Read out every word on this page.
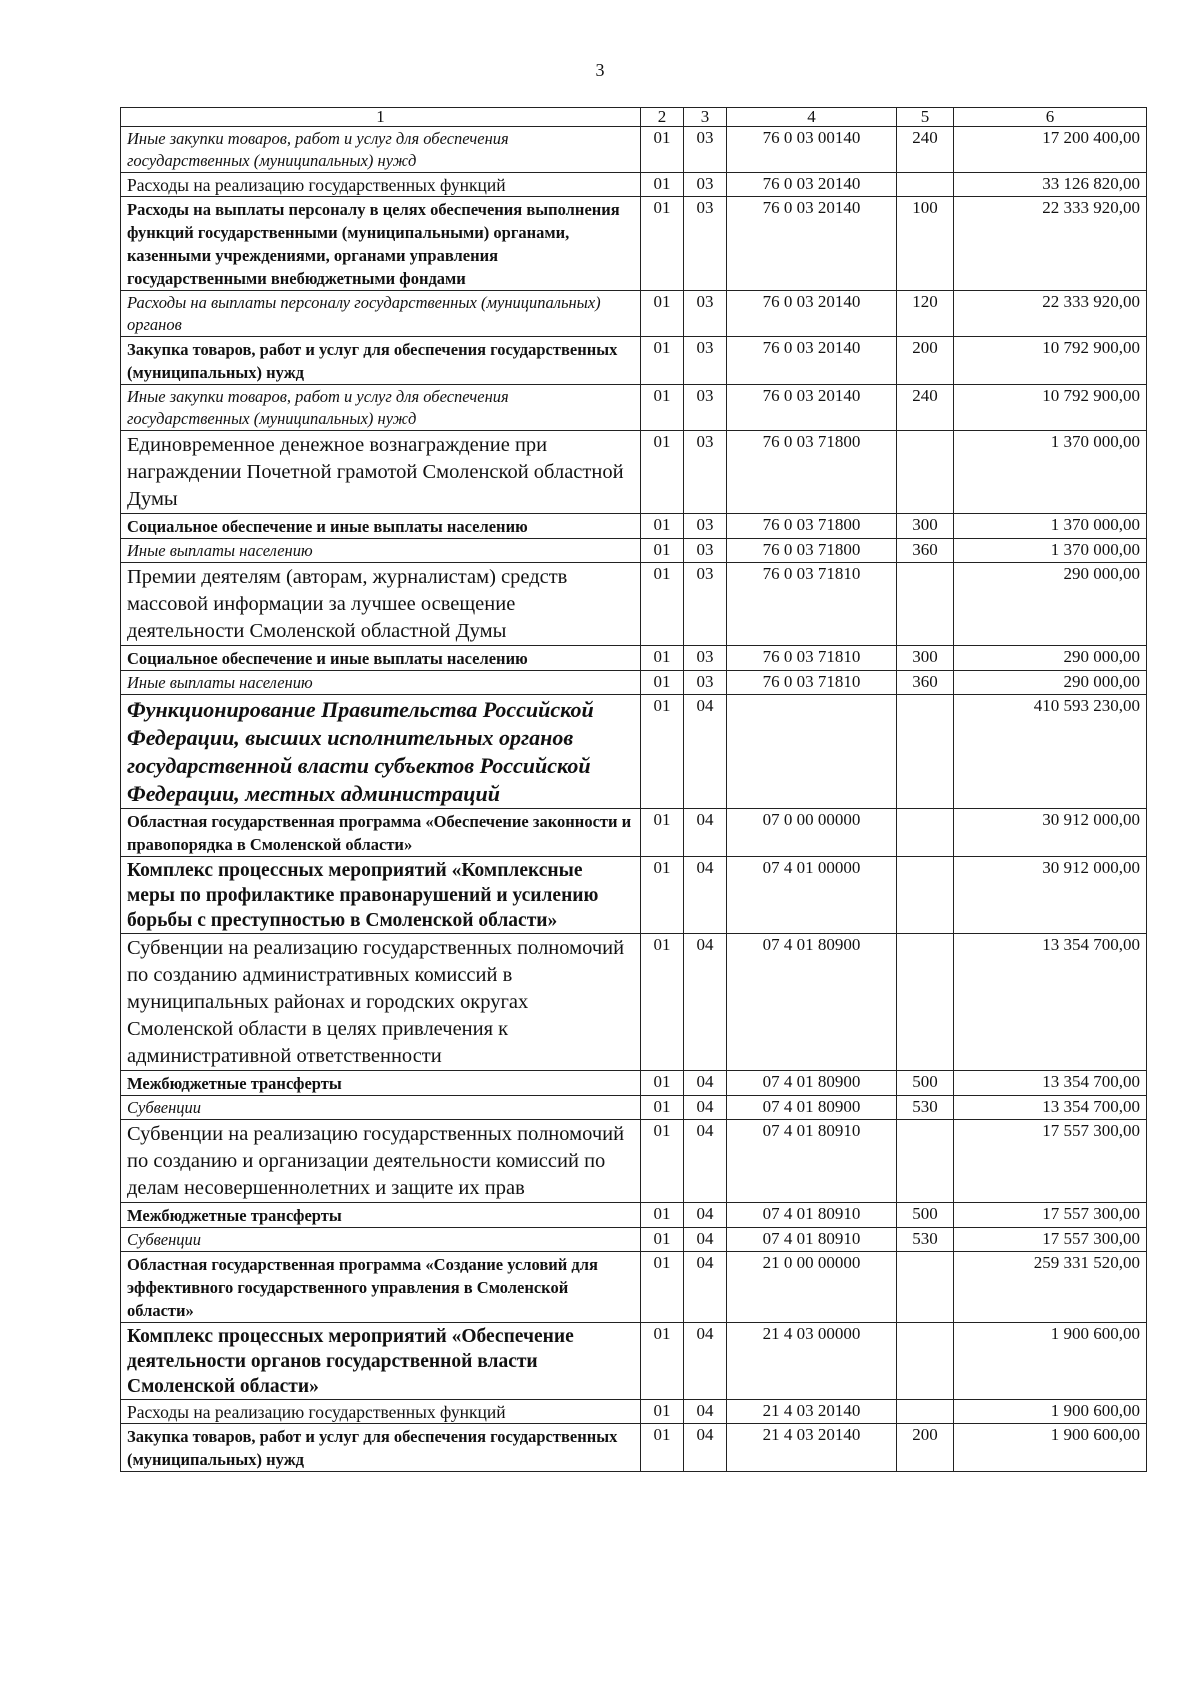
3
1	2	3	4	5	6
Иные закупки товаров, работ и услуг для обеспечения государственных (муниципальных) нужд	01	03	76 0 03 00140	240	17 200 400,00
Расходы на реализацию государственных функций	01	03	76 0 03 20140		33 126 820,00
Расходы на выплаты персоналу в целях обеспечения выполнения функций государственными (муниципальными) органами, казенными учреждениями, органами управления государственными внебюджетными фондами	01	03	76 0 03 20140	100	22 333 920,00
Расходы на выплаты персоналу государственных (муниципальных) органов	01	03	76 0 03 20140	120	22 333 920,00
Закупка товаров, работ и услуг для обеспечения государственных (муниципальных) нужд	01	03	76 0 03 20140	200	10 792 900,00
Иные закупки товаров, работ и услуг для обеспечения государственных (муниципальных) нужд	01	03	76 0 03 20140	240	10 792 900,00
Единовременное денежное вознаграждение при награждении Почетной грамотой Смоленской областной Думы	01	03	76 0 03 71800		1 370 000,00
Социальное обеспечение и иные выплаты населению	01	03	76 0 03 71800	300	1 370 000,00
Иные выплаты населению	01	03	76 0 03 71800	360	1 370 000,00
Премии деятелям (авторам, журналистам) средств массовой информации за лучшее освещение деятельности Смоленской областной Думы	01	03	76 0 03 71810		290 000,00
Социальное обеспечение и иные выплаты населению	01	03	76 0 03 71810	300	290 000,00
Иные выплаты населению	01	03	76 0 03 71810	360	290 000,00
Функционирование Правительства Российской Федерации, высших исполнительных органов государственной власти субъектов Российской Федерации, местных администраций	01	04			410 593 230,00
Областная государственная программа «Обеспечение законности и правопорядка в Смоленской области»	01	04	07 0 00 00000		30 912 000,00
Комплекс процессных мероприятий «Комплексные меры по профилактике правонарушений и усилению борьбы с преступностью в Смоленской области»	01	04	07 4 01 00000		30 912 000,00
Субвенции на реализацию государственных полномочий по созданию административных комиссий в муниципальных районах и городских округах Смоленской области в целях привлечения к административной ответственности	01	04	07 4 01 80900		13 354 700,00
Межбюджетные трансферты	01	04	07 4 01 80900	500	13 354 700,00
Субвенции	01	04	07 4 01 80900	530	13 354 700,00
Субвенции на реализацию государственных полномочий по созданию и организации деятельности комиссий по делам несовершеннолетних и защите их прав	01	04	07 4 01 80910		17 557 300,00
Межбюджетные трансферты	01	04	07 4 01 80910	500	17 557 300,00
Субвенции	01	04	07 4 01 80910	530	17 557 300,00
Областная государственная программа «Создание условий для эффективного государственного управления в Смоленской области»	01	04	21 0 00 00000		259 331 520,00
Комплекс процессных мероприятий «Обеспечение деятельности органов государственной власти Смоленской области»	01	04	21 4 03 00000		1 900 600,00
Расходы на реализацию государственных функций	01	04	21 4 03 20140		1 900 600,00
Закупка товаров, работ и услуг для обеспечения государственных (муниципальных) нужд	01	04	21 4 03 20140	200	1 900 600,00
